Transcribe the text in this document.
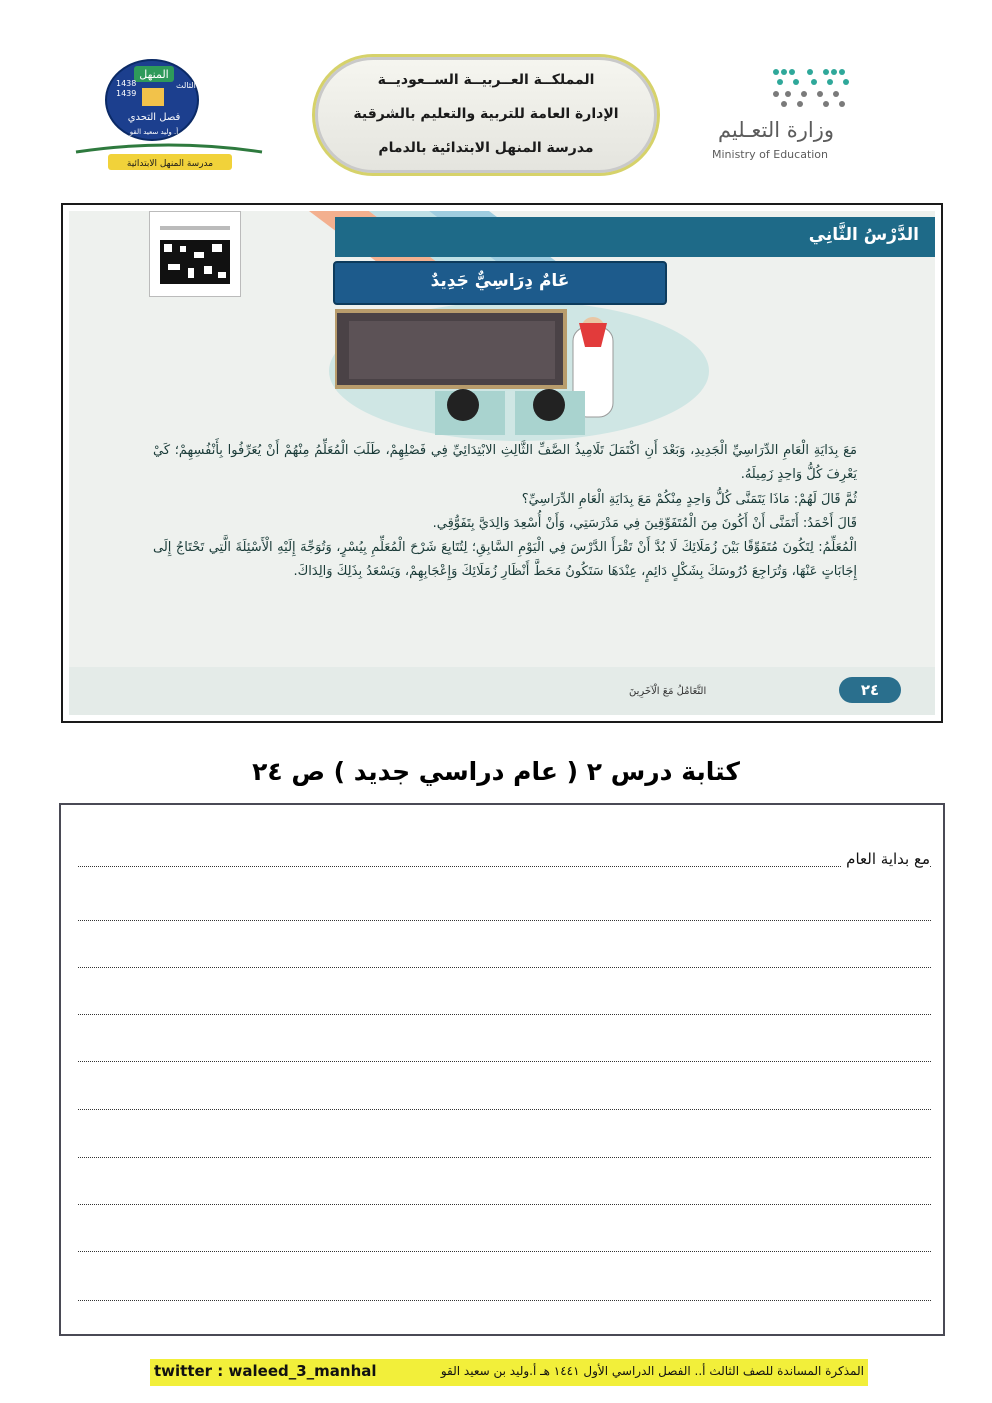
المنهل
1438
1439
الثالث
فصل التحدي
أ. وليد سعيد القو
مدرسة المنهل الابتدائية
المملكــة العــربيــة الســعوديــة
الإدارة العامة للتربية والتعليم بالشرقية
مدرسة المنهل الابتدائية بالدمام
وزارة التعـليم
Ministry of Education
الدَّرْسُ الثَّانِي
عَامٌ دِرَاسِيٌّ جَدِيدٌ

مَعَ بِدَايَةِ الْعَامِ الدِّرَاسِيِّ الْجَدِيدِ، وَبَعْدَ أَنِ اكْتَمَلَ تَلَامِيذُ الصَّفِّ الثَّالِثِ الابْتِدَائِيِّ فِي فَصْلِهِمْ، طَلَبَ الْمُعَلِّمُ مِنْهُمْ أَنْ يُعَرِّفُوا بِأَنْفُسِهِمْ؛ كَيْ يَعْرِفَ كُلُّ وَاحِدٍ زَمِيلَهُ.

ثُمَّ قَالَ لَهُمْ: مَاذَا يَتَمَنَّى كُلُّ وَاحِدٍ مِنْكُمْ مَعَ بِدَايَةِ الْعَامِ الدِّرَاسِيِّ؟

قَالَ أَحْمَدُ: أَتَمَنَّى أَنْ أَكُونَ مِنَ الْمُتَفَوِّقِينَ فِي مَدْرَسَتِي، وَأَنْ أُسْعِدَ وَالِدَيَّ بِتَفَوُّقِي.

الْمُعَلِّمُ: لِتَكُونَ مُتَفَوِّقًا بَيْنَ زُمَلَائِكَ لَا بُدَّ أَنْ تَقْرَأَ الدَّرْسَ فِي الْيَوْمِ السَّابِقِ؛ لِتُتَابِعَ شَرْحَ الْمُعَلِّمِ بِيُسْرٍ، وَتُوَجِّهَ إِلَيْهِ الْأَسْئِلَةَ الَّتِي تَحْتَاجُ إِلَى إِجَابَاتٍ عَنْهَا، وَتُرَاجِعَ دُرُوسَكَ بِشَكْلٍ دَائِمٍ، عِنْدَهَا سَتَكُونُ مَحَطَّ أَنْظَارِ زُمَلَائِكَ وَإِعْجَابِهِمْ، وَيَسْعَدُ بِذَلِكَ وَالِدَاكَ.

٢٤
التَّعَامُلُ مَعَ الْآخَرِينَ
كتابة درس ٢ ( عام دراسي جديد ) ص ٢٤
مع بداية العام
المذكرة المساندة للصف الثالث أ.. الفصل الدراسي الأول ١٤٤١ هـ أ.وليد بن سعيد القو
twitter : waleed_3_manhal
